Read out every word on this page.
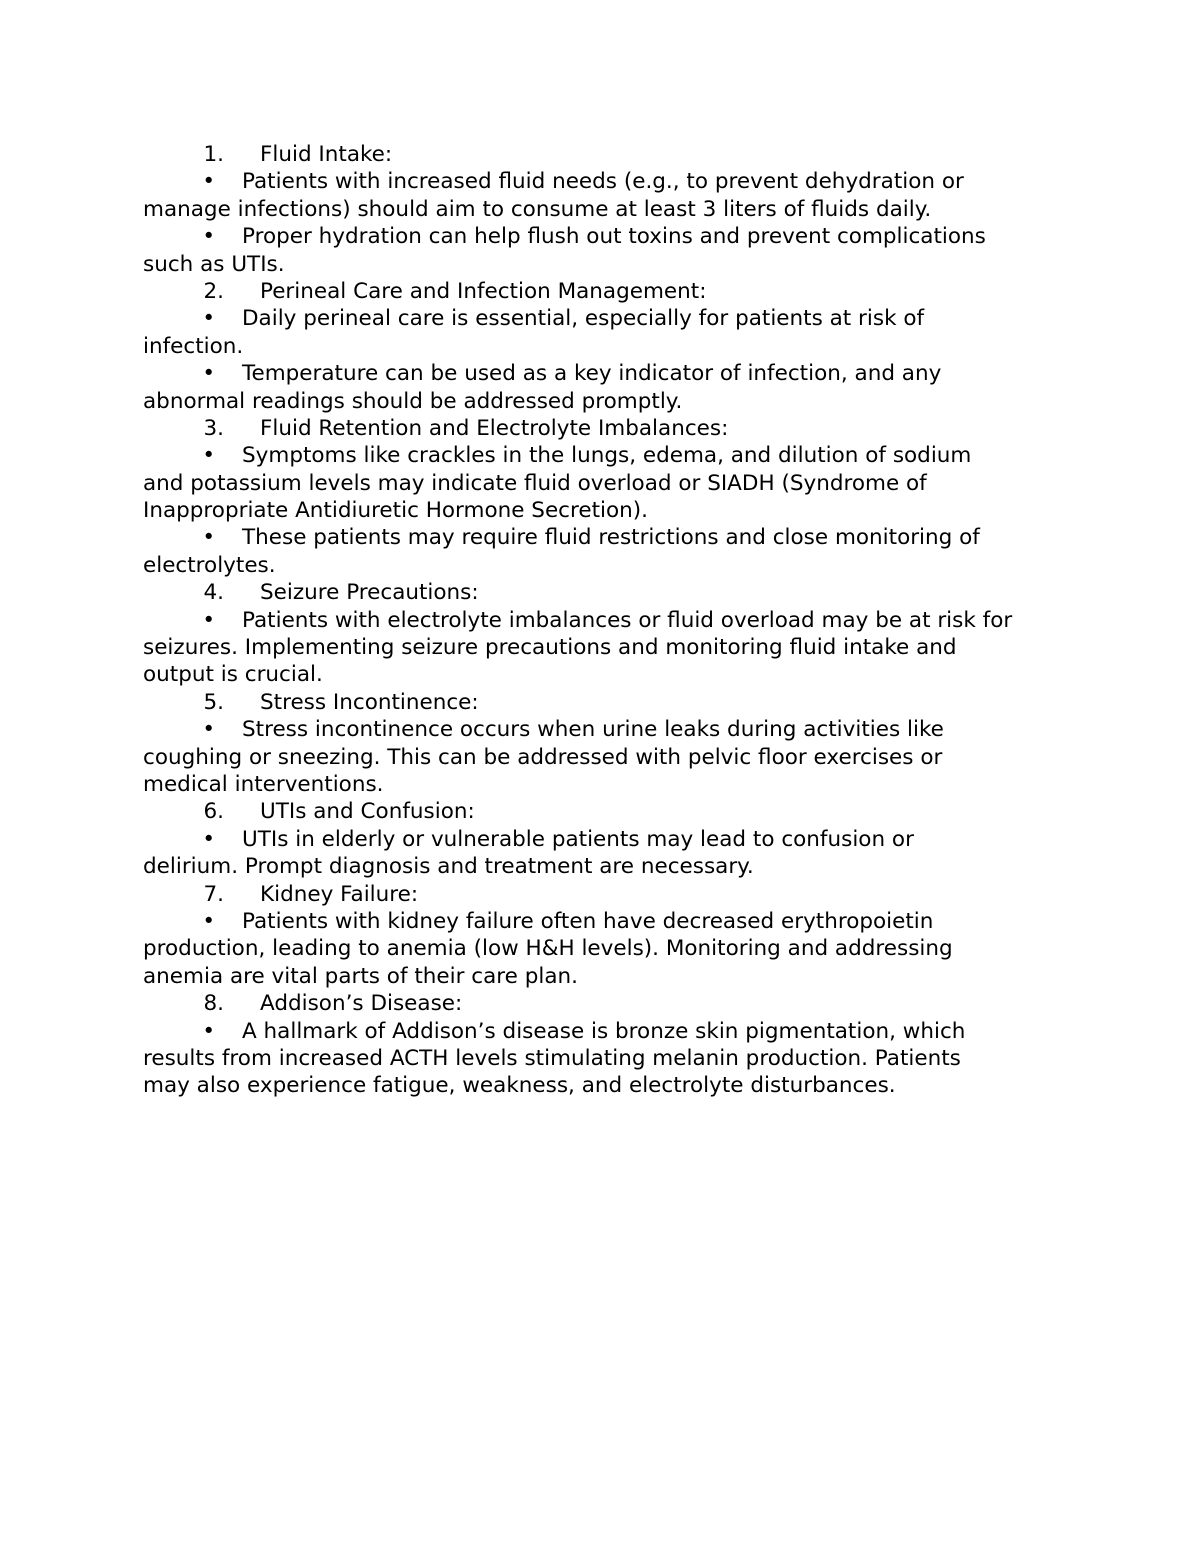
1. Fluid Intake:
• Patients with increased fluid needs (e.g., to prevent dehydration or
manage infections) should aim to consume at least 3 liters of fluids daily.
• Proper hydration can help flush out toxins and prevent complications
such as UTIs.
2. Perineal Care and Infection Management:
• Daily perineal care is essential, especially for patients at risk of
infection.
• Temperature can be used as a key indicator of infection, and any
abnormal readings should be addressed promptly.
3. Fluid Retention and Electrolyte Imbalances:
• Symptoms like crackles in the lungs, edema, and dilution of sodium
and potassium levels may indicate fluid overload or SIADH (Syndrome of
Inappropriate Antidiuretic Hormone Secretion).
• These patients may require fluid restrictions and close monitoring of
electrolytes.
4. Seizure Precautions:
• Patients with electrolyte imbalances or fluid overload may be at risk for
seizures. Implementing seizure precautions and monitoring fluid intake and
output is crucial.
5. Stress Incontinence:
• Stress incontinence occurs when urine leaks during activities like
coughing or sneezing. This can be addressed with pelvic floor exercises or
medical interventions.
6. UTIs and Confusion:
• UTIs in elderly or vulnerable patients may lead to confusion or
delirium. Prompt diagnosis and treatment are necessary.
7. Kidney Failure:
• Patients with kidney failure often have decreased erythropoietin
production, leading to anemia (low H&H levels). Monitoring and addressing
anemia are vital parts of their care plan.
8. Addison’s Disease:
• A hallmark of Addison’s disease is bronze skin pigmentation, which
results from increased ACTH levels stimulating melanin production. Patients
may also experience fatigue, weakness, and electrolyte disturbances.
